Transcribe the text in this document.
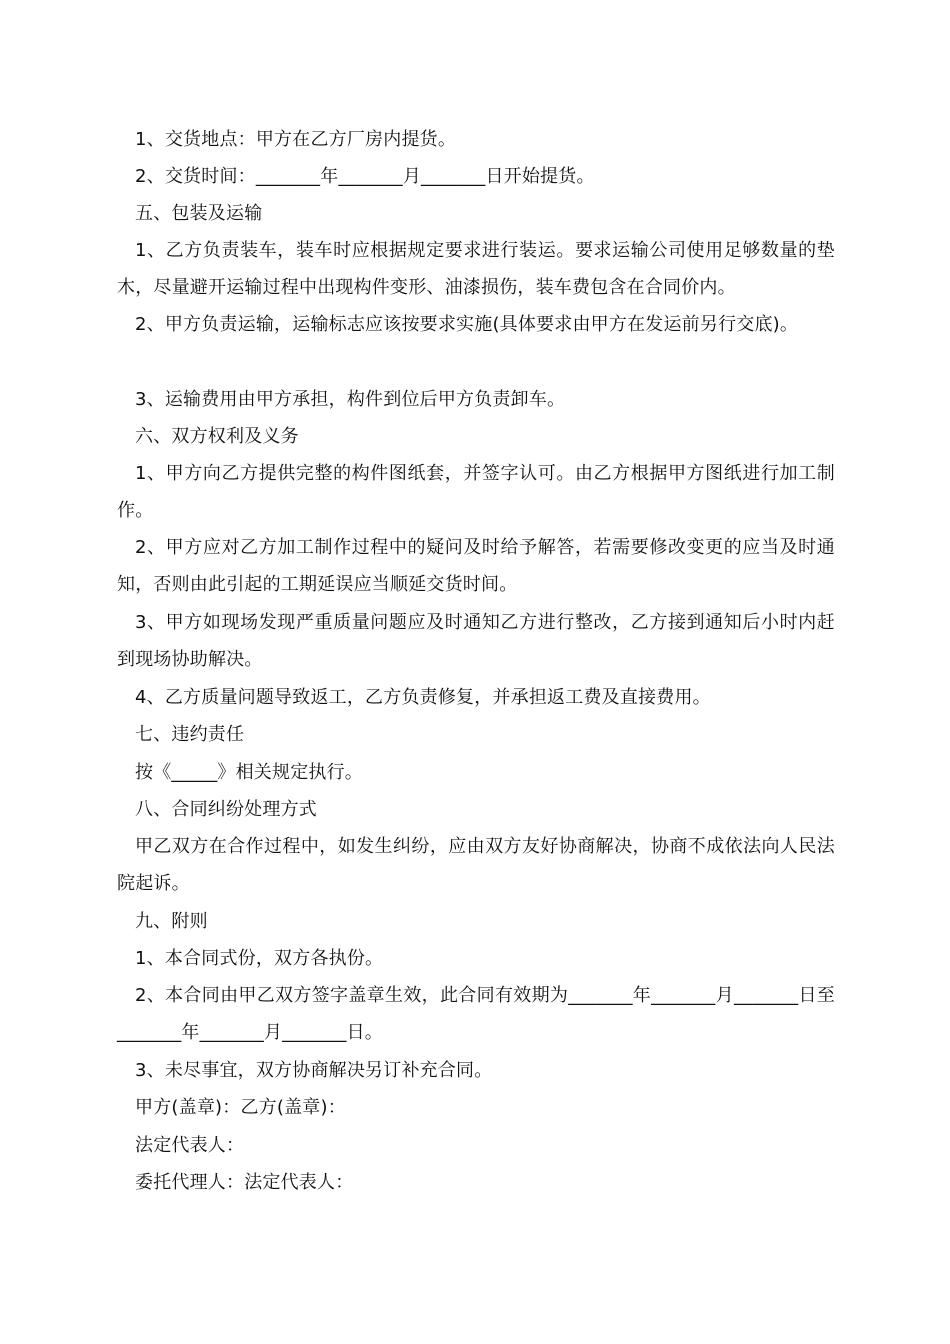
1、交货地点：甲方在乙方厂房内提货。
2、交货时间：_______年_______月_______日开始提货。
五、包装及运输
1、乙方负责装车，装车时应根据规定要求进行装运。要求运输公司使用足够数量的垫木，尽量避开运输过程中出现构件变形、油漆损伤，装车费包含在合同价内。
2、甲方负责运输，运输标志应该按要求实施(具体要求由甲方在发运前另行交底)。
3、运输费用由甲方承担，构件到位后甲方负责卸车。
六、双方权利及义务
1、甲方向乙方提供完整的构件图纸套，并签字认可。由乙方根据甲方图纸进行加工制作。
2、甲方应对乙方加工制作过程中的疑问及时给予解答，若需要修改变更的应当及时通知，否则由此引起的工期延误应当顺延交货时间。
3、甲方如现场发现严重质量问题应及时通知乙方进行整改，乙方接到通知后小时内赶到现场协助解决。
4、乙方质量问题导致返工，乙方负责修复，并承担返工费及直接费用。
七、违约责任
按《_____》相关规定执行。
八、合同纠纷处理方式
甲乙双方在合作过程中，如发生纠纷，应由双方友好协商解决，协商不成依法向人民法院起诉。
九、附则
1、本合同式份，双方各执份。
2、本合同由甲乙双方签字盖章生效，此合同有效期为_______年_______月_______日至_______年_______月_______日。
3、未尽事宜，双方协商解决另订补充合同。
甲方(盖章)：乙方(盖章)：
法定代表人：
委托代理人：法定代表人：
